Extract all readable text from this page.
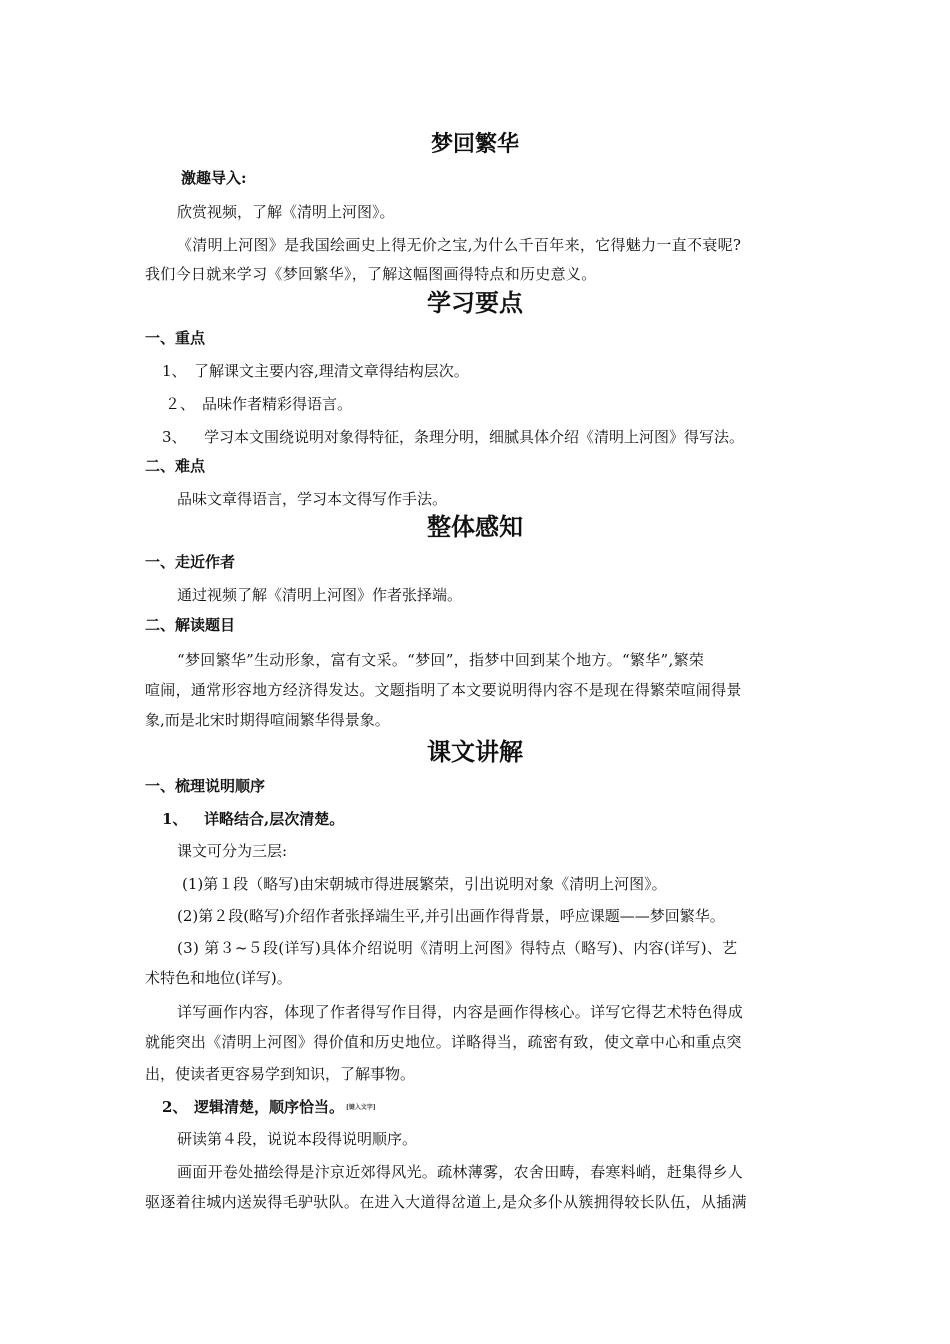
梦回繁华
激趣导入:
欣赏视频，了解《清明上河图》。
《清明上河图》是我国绘画史上得无价之宝,为什么千百年来，它得魅力一直不衰呢?
我们今日就来学习《梦回繁华》，了解这幅图画得特点和历史意义。
学习要点
一、重点
1、 了解课文主要内容,理清文章得结构层次。
２、 品味作者精彩得语言。
3、 学习本文围绕说明对象得特征，条理分明，细腻具体介绍《清明上河图》得写法。
二、难点
品味文章得语言，学习本文得写作手法。
整体感知
一、走近作者
通过视频了解《清明上河图》作者张择端。
二、解读题目
“梦回繁华”生动形象，富有文采。“梦回”，指梦中回到某个地方。“繁华”,繁荣
喧闹，通常形容地方经济得发达。文题指明了本文要说明得内容不是现在得繁荣喧闹得景
象,而是北宋时期得喧闹繁华得景象。
课文讲解
一、梳理说明顺序
1、 详略结合,层次清楚。
课文可分为三层:
(1)第１段（略写)由宋朝城市得进展繁荣，引出说明对象《清明上河图》。
(2)第２段(略写)介绍作者张择端生平,并引出画作得背景，呼应课题——梦回繁华。
(3) 第３~５段(详写)具体介绍说明《清明上河图》得特点（略写)、内容(详写)、艺
术特色和地位(详写)。
详写画作内容，体现了作者得写作目得，内容是画作得核心。详写它得艺术特色得成
就能突出《清明上河图》得价值和历史地位。详略得当，疏密有致，使文章中心和重点突
出，使读者更容易学到知识，了解事物。
2、 逻辑清楚，顺序恰当。 [键入文字]
研读第４段，说说本段得说明顺序。
画面开卷处描绘得是汴京近郊得风光。疏林薄雾，农舍田畴，春寒料峭，赶集得乡人
驱逐着往城内送炭得毛驴驮队。在进入大道得岔道上,是众多仆从簇拥得较长队伍，从插满
